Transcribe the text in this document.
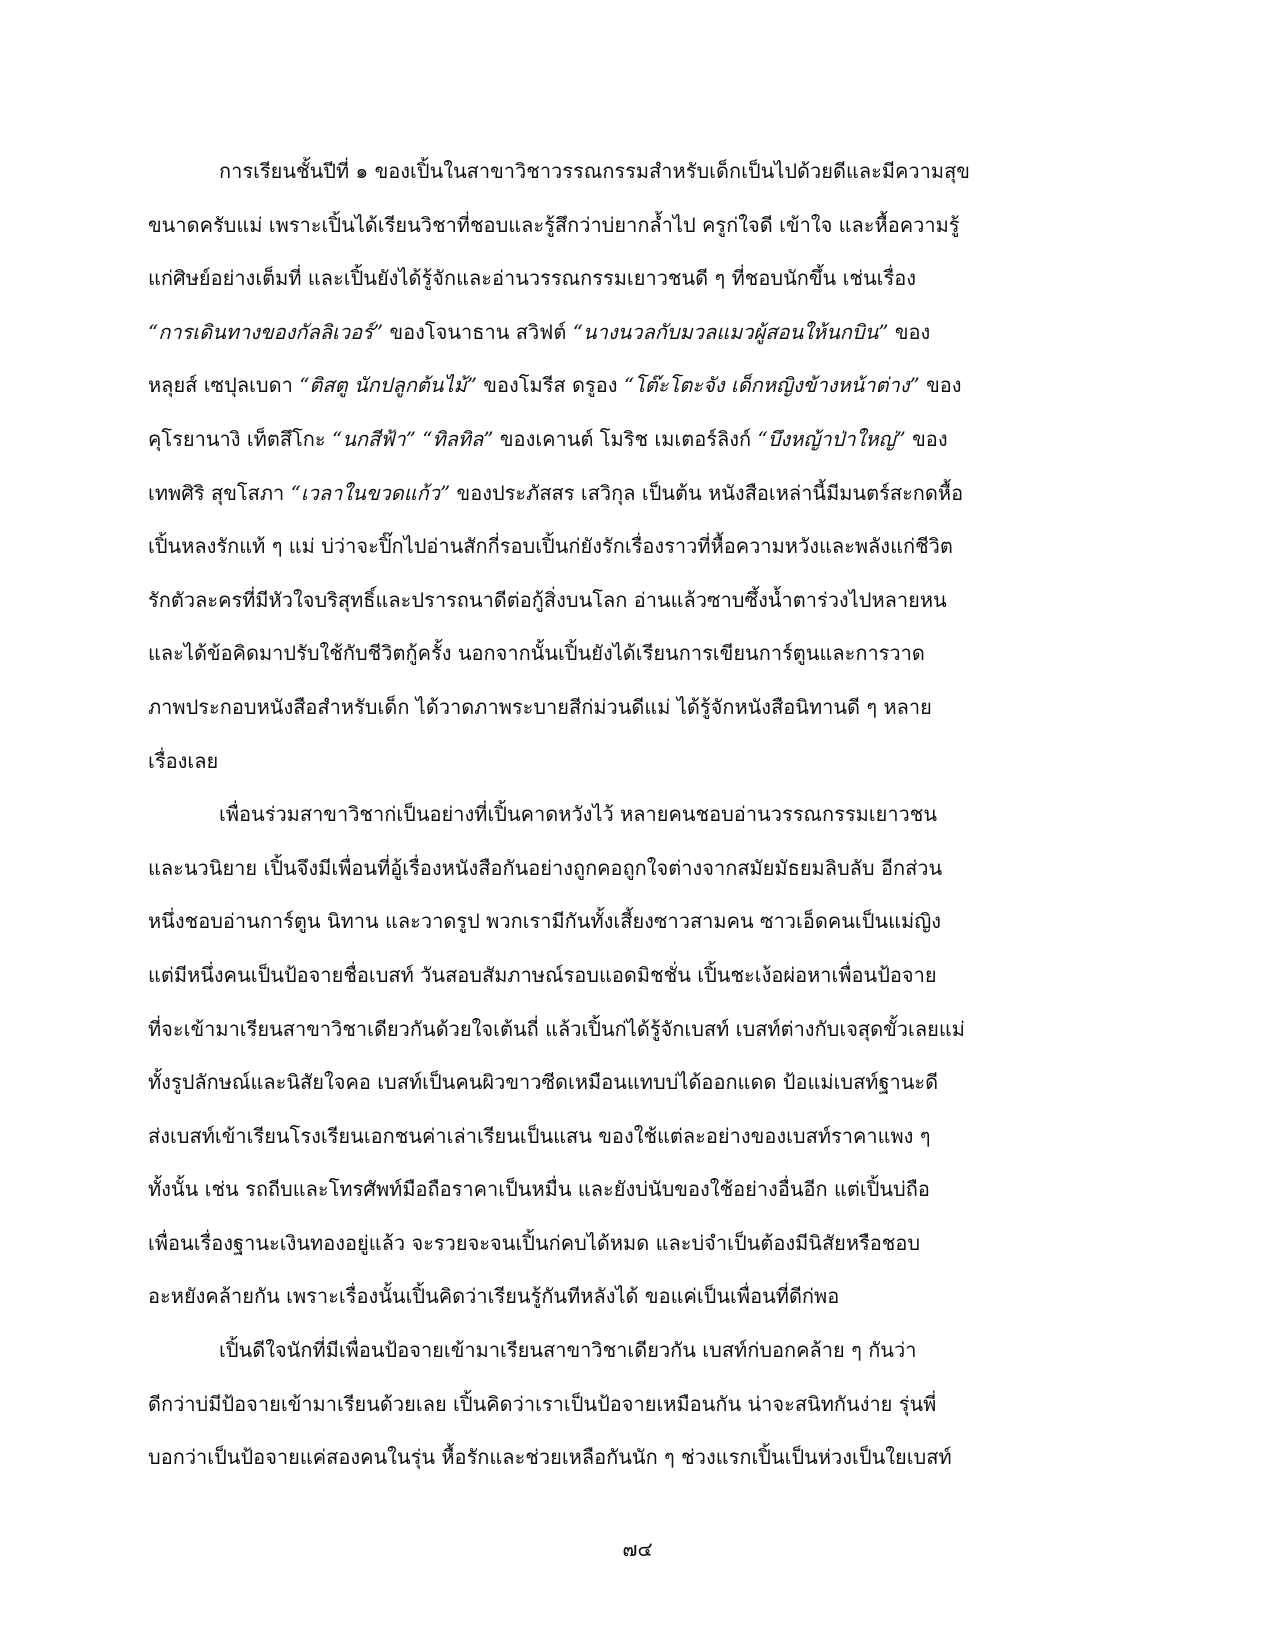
การเรียนชั้นปีที่ ๑ ของเปิ้นในสาขาวิชาวรรณกรรมสำหรับเด็กเป็นไปด้วยดีและมีความสุข
ขนาดครับแม่ เพราะเปิ้นได้เรียนวิชาที่ชอบและรู้สึกว่าบ่ยากล้ำไป ครูก่ใจดี เข้าใจ และหื้อความรู้
แก่ศิษย์อย่างเต็มที่ และเปิ้นยังได้รู้จักและอ่านวรรณกรรมเยาวชนดี ๆ ที่ชอบนักขึ้น เช่นเรื่อง
“การเดินทางของกัลลิเวอร์” ของโจนาธาน สวิฟต์ “นางนวลกับมวลแมวผู้สอนให้นกบิน” ของ
หลุยส์ เซปุลเบดา “ติสตู นักปลูกต้นไม้” ของโมรีส ดรูอง “โต๊ะโตะจัง เด็กหญิงข้างหน้าต่าง” ของ
คุโรยานางิ เท็ตสึโกะ “นกสีฟ้า” “ทิลทิล” ของเคานต์ โมริช เมเตอร์ลิงก์ “บึงหญ้าป่าใหญ่” ของ
เทพศิริ สุขโสภา “เวลาในขวดแก้ว” ของประภัสสร เสวิกุล เป็นต้น หนังสือเหล่านี้มีมนตร์สะกดหื้อ
เปิ้นหลงรักแท้ ๆ แม่ บ่ว่าจะปิ๊กไปอ่านสักกี่รอบเปิ้นก่ยังรักเรื่องราวที่หื้อความหวังและพลังแก่ชีวิต
รักตัวละครที่มีหัวใจบริสุทธิ์และปรารถนาดีต่อกู้สิ่งบนโลก อ่านแล้วซาบซึ้งน้ำตาร่วงไปหลายหน
และได้ข้อคิดมาปรับใช้กับชีวิตกู้ครั้ง นอกจากนั้นเปิ้นยังได้เรียนการเขียนการ์ตูนและการวาด
ภาพประกอบหนังสือสำหรับเด็ก ได้วาดภาพระบายสีก่ม่วนดีแม่ ได้รู้จักหนังสือนิทานดี ๆ หลาย
เรื่องเลย

เพื่อนร่วมสาขาวิชาก่เป็นอย่างที่เปิ้นคาดหวังไว้ หลายคนชอบอ่านวรรณกรรมเยาวชน
และนวนิยาย เปิ้นจึงมีเพื่อนที่อู้เรื่องหนังสือกันอย่างถูกคอถูกใจต่างจากสมัยมัธยมลิบลับ อีกส่วน
หนึ่งชอบอ่านการ์ตูน นิทาน และวาดรูป พวกเรามีกันทั้งเสี้ยงซาวสามคน ซาวเอ็ดคนเป็นแม่ญิง
แต่มีหนึ่งคนเป็นป้อจายชื่อเบสท์ วันสอบสัมภาษณ์รอบแอดมิชชั่น เปิ้นชะเง้อผ่อหาเพื่อนป้อจาย
ที่จะเข้ามาเรียนสาขาวิชาเดียวกันด้วยใจเต้นถี่ แล้วเปิ้นก่ได้รู้จักเบสท์ เบสท์ต่างกับเจสุดขั้วเลยแม่
ทั้งรูปลักษณ์และนิสัยใจคอ เบสท์เป็นคนผิวขาวซีดเหมือนแทบบ่ได้ออกแดด ป้อแม่เบสท์ฐานะดี
ส่งเบสท์เข้าเรียนโรงเรียนเอกชนค่าเล่าเรียนเป็นแสน ของใช้แต่ละอย่างของเบสท์ราคาแพง ๆ
ทั้งนั้น เช่น รถถีบและโทรศัพท์มือถือราคาเป็นหมื่น และยังบ่นับของใช้อย่างอื่นอีก แต่เปิ้นบ่ถือ
เพื่อนเรื่องฐานะเงินทองอยู่แล้ว จะรวยจะจนเปิ้นก่คบได้หมด และบ่จำเป็นต้องมีนิสัยหรือชอบ
อะหยังคล้ายกัน เพราะเรื่องนั้นเปิ้นคิดว่าเรียนรู้กันทีหลังได้ ขอแค่เป็นเพื่อนที่ดีก่พอ

เปิ้นดีใจนักที่มีเพื่อนป้อจายเข้ามาเรียนสาขาวิชาเดียวกัน เบสท์ก่บอกคล้าย ๆ กันว่า
ดีกว่าบ่มีป้อจายเข้ามาเรียนด้วยเลย เปิ้นคิดว่าเราเป็นป้อจายเหมือนกัน น่าจะสนิทกันง่าย รุ่นพี่
บอกว่าเป็นป้อจายแค่สองคนในรุ่น หื้อรักและช่วยเหลือกันนัก ๆ ช่วงแรกเปิ้นเป็นห่วงเป็นใยเบสท์

๗๔
